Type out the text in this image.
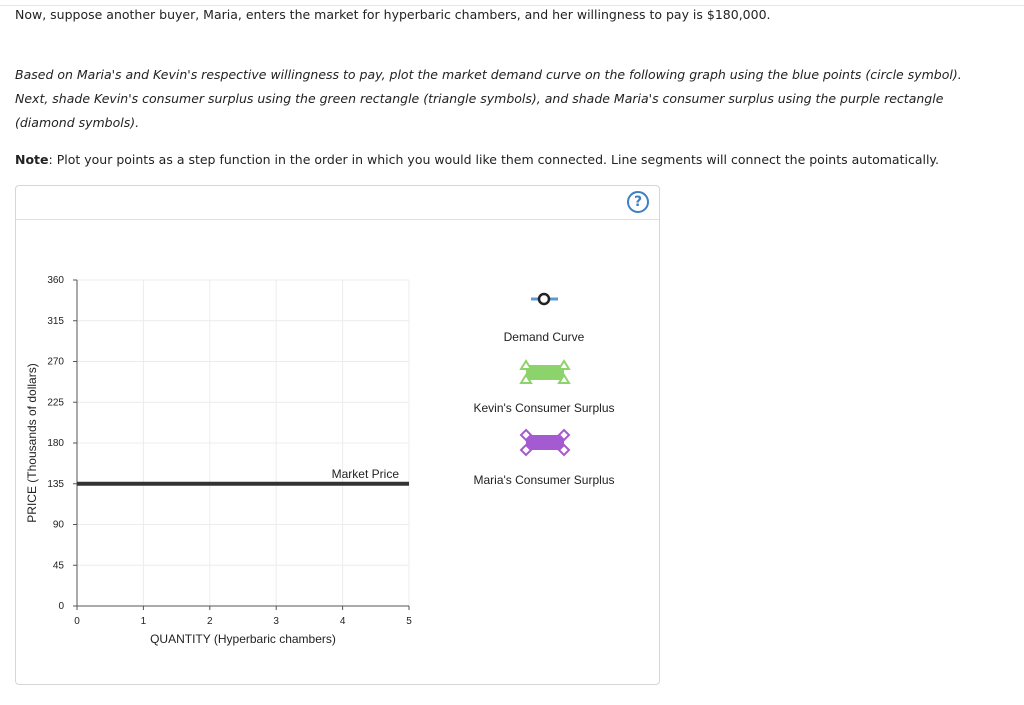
Now, suppose another buyer, Maria, enters the market for hyperbaric chambers, and her willingness to pay is $180,000.

Based on Maria's and Kevin's respective willingness to pay, plot the market demand curve on the following graph using the blue points (circle symbol).

Next, shade Kevin's consumer surplus using the green rectangle (triangle symbols), and shade Maria's consumer surplus using the purple rectangle

(diamond symbols).

Note: Plot your points as a step function in the order in which you would like them connected. Line segments will connect the points automatically.

?
0	1	2	3	4	5
0
45
90
135
180
225
270
315
360
Market Price
QUANTITY (Hyperbaric chambers)
PRICE (Thousands of dollars)
Demand Curve
Kevin's Consumer Surplus
Maria's Consumer Surplus
